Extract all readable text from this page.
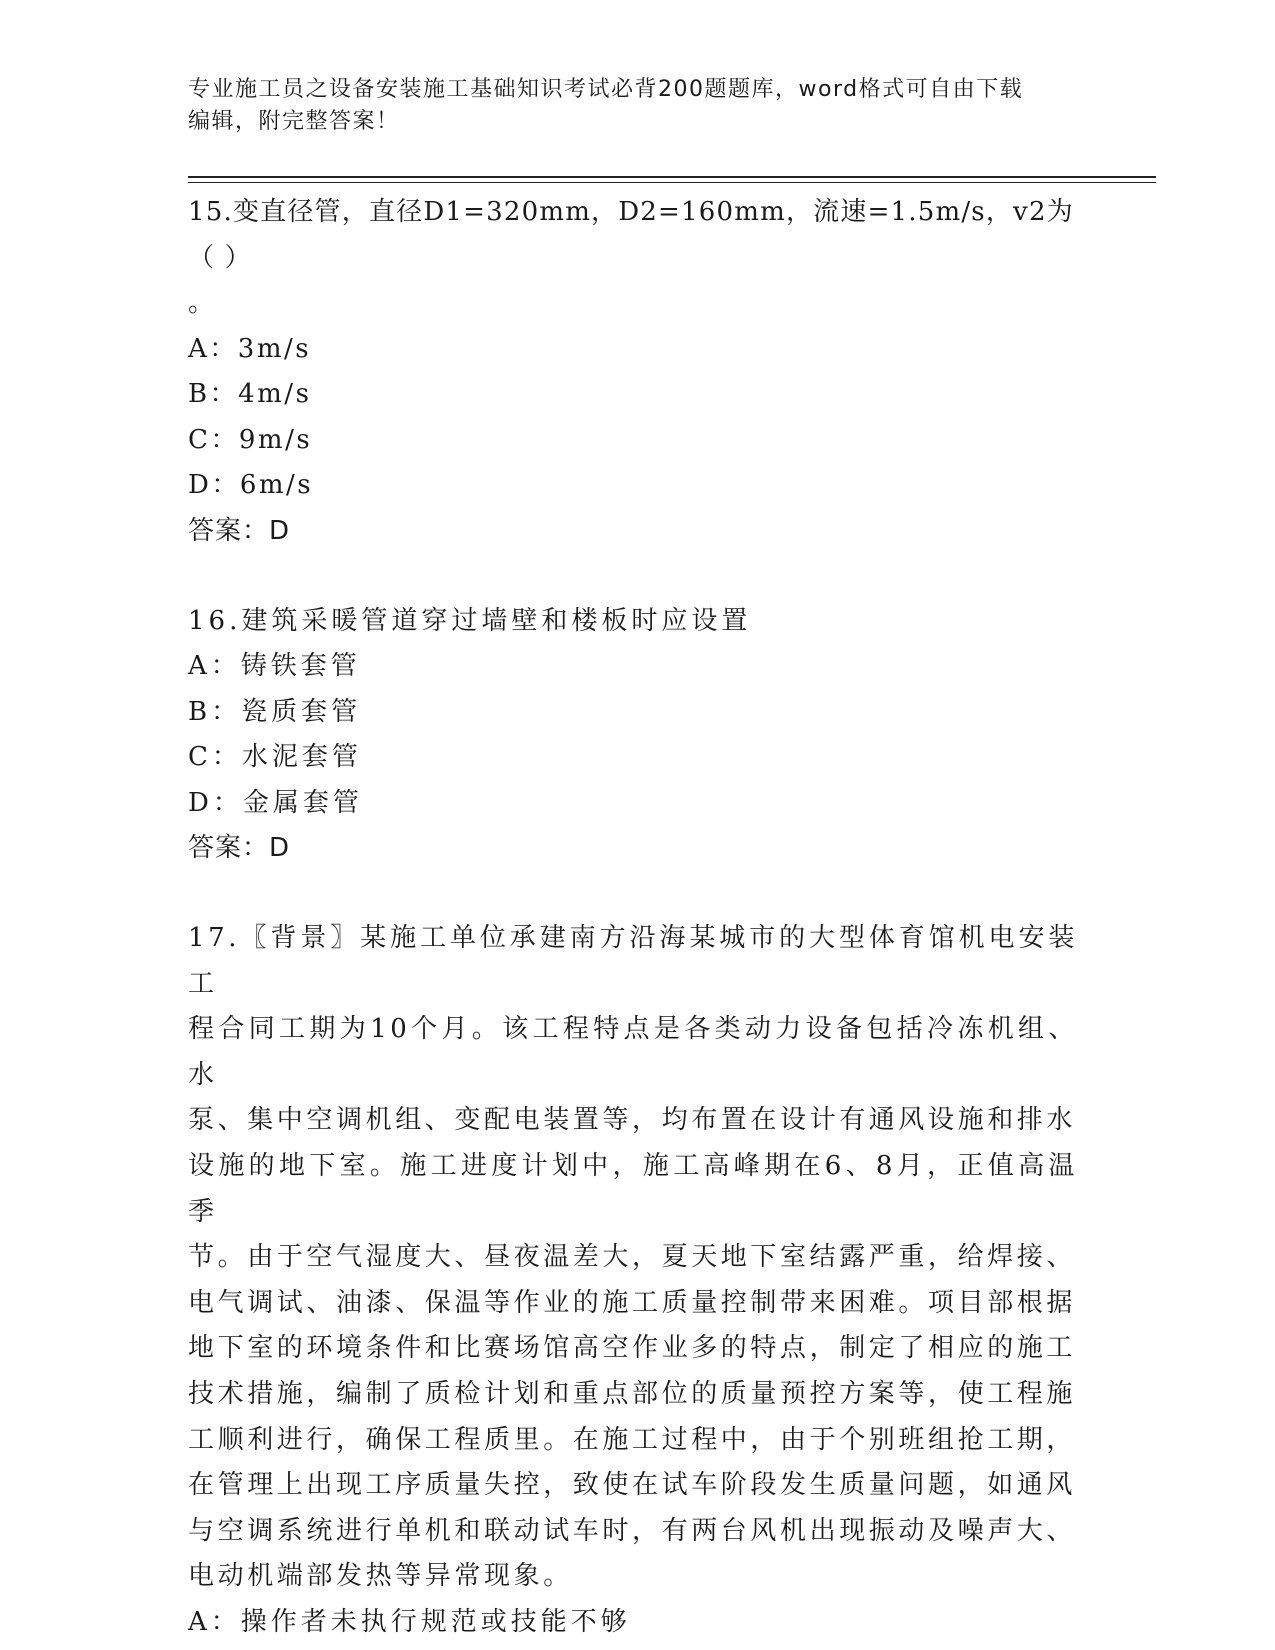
专业施工员之设备安装施工基础知识考试必背200题题库，word格式可自由下载
编辑，附完整答案！
15.变直径管，直径D1=320mm，D2=160mm，流速=1.5m/s，v2为（ ）
。
A：3m/s
B：4m/s
C：9m/s
D：6m/s
答案：D
16.建筑采暖管道穿过墙壁和楼板时应设置
A：铸铁套管
B：瓷质套管
C：水泥套管
D：金属套管
答案：D
17.〖背景〗某施工单位承建南方沿海某城市的大型体育馆机电安装工
程合同工期为10个月。该工程特点是各类动力设备包括冷冻机组、水
泵、集中空调机组、变配电装置等，均布置在设计有通风设施和排水
设施的地下室。施工进度计划中，施工高峰期在6、8月，正值高温季
节。由于空气湿度大、昼夜温差大，夏天地下室结露严重，给焊接、
电气调试、油漆、保温等作业的施工质量控制带来困难。项目部根据
地下室的环境条件和比赛场馆高空作业多的特点，制定了相应的施工
技术措施，编制了质检计划和重点部位的质量预控方案等，使工程施
工顺利进行，确保工程质里。在施工过程中，由于个别班组抢工期，
在管理上出现工序质量失控，致使在试车阶段发生质量问题，如通风
与空调系统进行单机和联动试车时，有两台风机出现振动及噪声大、
电动机端部发热等异常现象。
A：操作者未执行规范或技能不够
